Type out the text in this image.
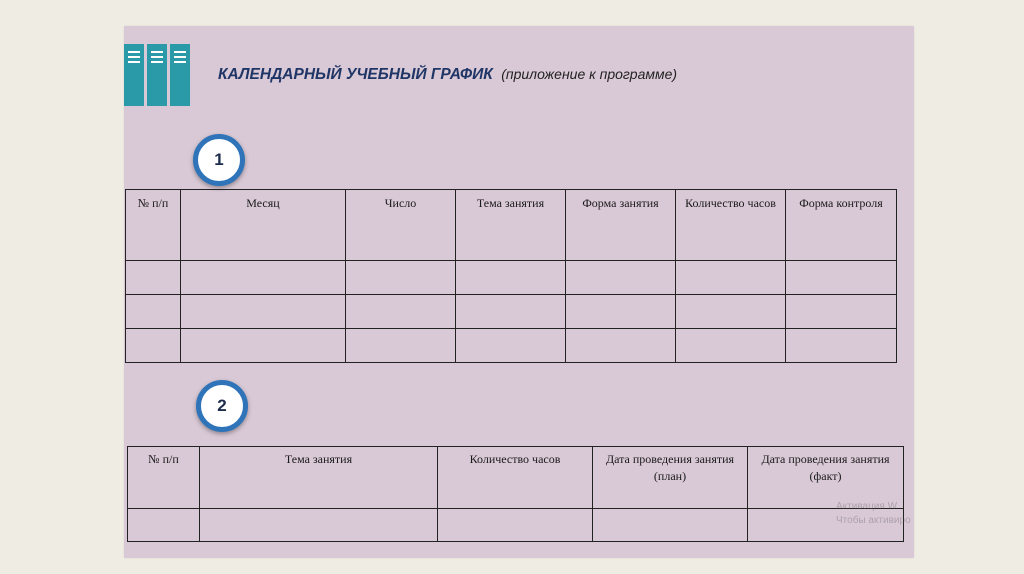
КАЛЕНДАРНЫЙ УЧЕБНЫЙ ГРАФИК (приложение к программе)
1
№ п/п	Месяц	Число	Тема занятия	Форма занятия	Количество часов	Форма контроля

2
№ п/п	Тема занятия	Количество часов	Дата проведения занятия (план)	Дата проведения занятия (факт)

Активация W
Чтобы активиро
